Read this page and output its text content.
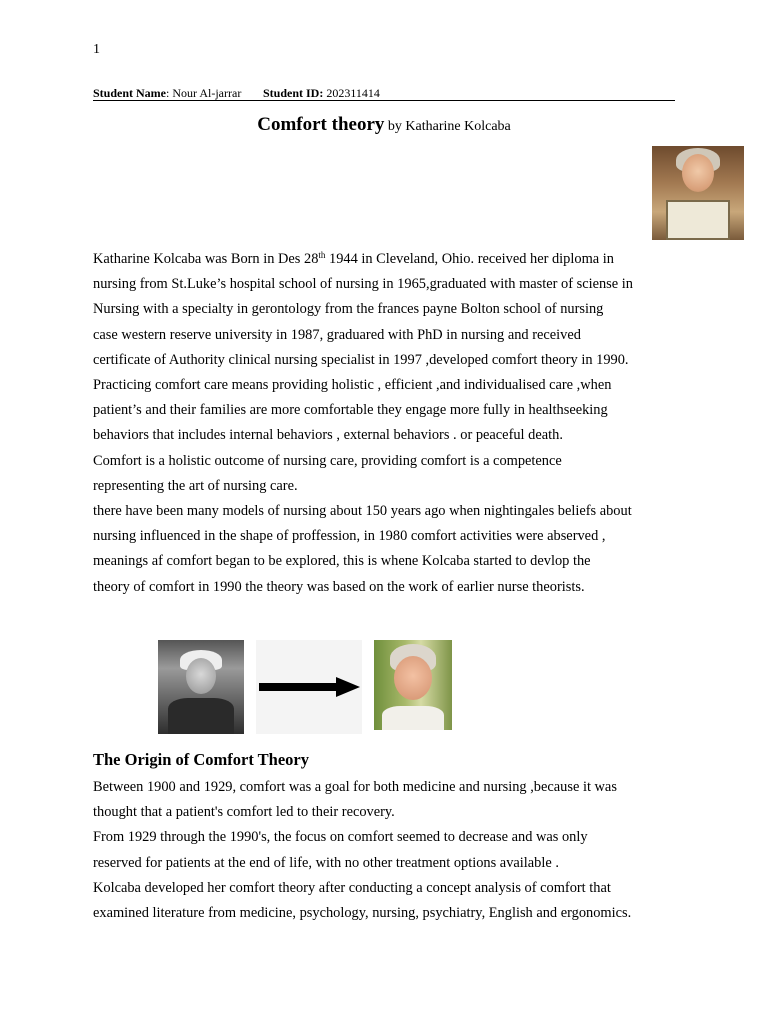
1
Student Name: Nour Al-jarrar Student ID: 202311414
Comfort theory by Katharine Kolcaba

Katharine Kolcaba was Born in Des 28th 1944 in Cleveland, Ohio. received her diploma in

nursing from St.Luke’s hospital school of nursing in 1965,graduated with master of sciense in

Nursing with a specialty in gerontology from the frances payne Bolton school of nursing

case western reserve university in 1987, graduared with PhD in nursing and received

certificate of Authority clinical nursing specialist in 1997 ,developed comfort theory in 1990.

Practicing comfort care means providing holistic , efficient ,and individualised care ,when

patient’s and their families are more comfortable they engage more fully in healthseeking

behaviors that includes internal behaviors , external behaviors . or peaceful death.

Comfort is a holistic outcome of nursing care, providing comfort is a competence

representing the art of nursing care.

there have been many models of nursing about 150 years ago when nightingales beliefs about

nursing influenced in the shape of proffession, in 1980 comfort activities were abserved ,

meanings af comfort began to be explored, this is whene Kolcaba started to devlop the

theory of comfort in 1990 the theory was based on the work of earlier nurse theorists.

The Origin of Comfort Theory

Between 1900 and 1929, comfort was a goal for both medicine and nursing ,because it was

thought that a patient's comfort led to their recovery.

From 1929 through the 1990's, the focus on comfort seemed to decrease and was only

reserved for patients at the end of life, with no other treatment options available .

Kolcaba developed her comfort theory after conducting a concept analysis of comfort that

examined literature from medicine, psychology, nursing, psychiatry, English and ergonomics.
